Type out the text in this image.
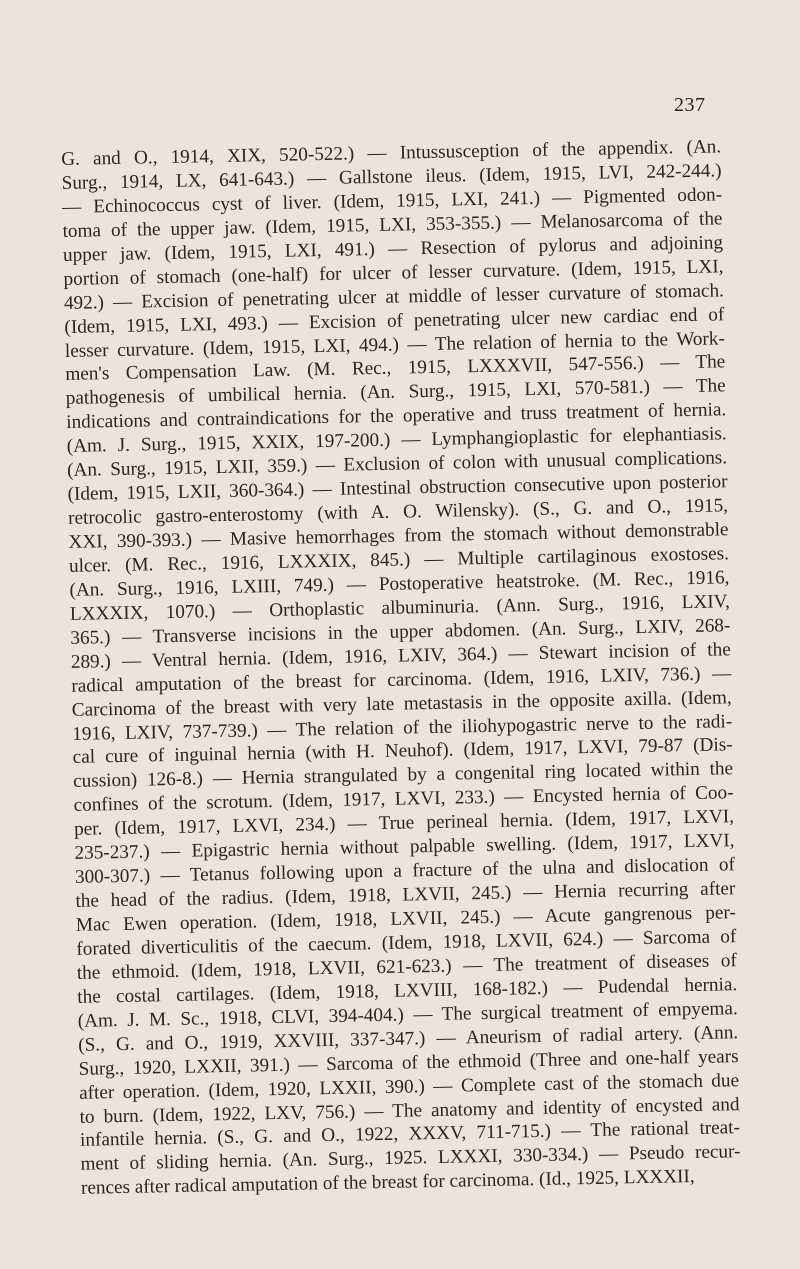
237
G. and O., 1914, XIX, 520-522.) — Intussusception of the appendix. (An.
Surg., 1914, LX, 641-643.) — Gallstone ileus. (Idem, 1915, LVI, 242-244.)
— Echinococcus cyst of liver. (Idem, 1915, LXI, 241.) — Pigmented odon-
toma of the upper jaw. (Idem, 1915, LXI, 353-355.) — Melanosarcoma of the
upper jaw. (Idem, 1915, LXI, 491.) — Resection of pylorus and adjoining
portion of stomach (one-half) for ulcer of lesser curvature. (Idem, 1915, LXI,
492.) — Excision of penetrating ulcer at middle of lesser curvature of stomach.
(Idem, 1915, LXI, 493.) — Excision of penetrating ulcer new cardiac end of
lesser curvature. (Idem, 1915, LXI, 494.) — The relation of hernia to the Work-
men's Compensation Law. (M. Rec., 1915, LXXXVII, 547-556.) — The
pathogenesis of umbilical hernia. (An. Surg., 1915, LXI, 570-581.) — The
indications and contraindications for the operative and truss treatment of hernia.
(Am. J. Surg., 1915, XXIX, 197-200.) — Lymphangioplastic for elephantiasis.
(An. Surg., 1915, LXII, 359.) — Exclusion of colon with unusual complications.
(Idem, 1915, LXII, 360-364.) — Intestinal obstruction consecutive upon posterior
retrocolic gastro-enterostomy (with A. O. Wilensky). (S., G. and O., 1915,
XXI, 390-393.) — Masive hemorrhages from the stomach without demonstrable
ulcer. (M. Rec., 1916, LXXXIX, 845.) — Multiple cartilaginous exostoses.
(An. Surg., 1916, LXIII, 749.) — Postoperative heatstroke. (M. Rec., 1916,
LXXXIX, 1070.) — Orthoplastic albuminuria. (Ann. Surg., 1916, LXIV,
365.) — Transverse incisions in the upper abdomen. (An. Surg., LXIV, 268-
289.) — Ventral hernia. (Idem, 1916, LXIV, 364.) — Stewart incision of the
radical amputation of the breast for carcinoma. (Idem, 1916, LXIV, 736.) —
Carcinoma of the breast with very late metastasis in the opposite axilla. (Idem,
1916, LXIV, 737-739.) — The relation of the iliohypogastric nerve to the radi-
cal cure of inguinal hernia (with H. Neuhof). (Idem, 1917, LXVI, 79-87 (Dis-
cussion) 126-8.) — Hernia strangulated by a congenital ring located within the
confines of the scrotum. (Idem, 1917, LXVI, 233.) — Encysted hernia of Coo-
per. (Idem, 1917, LXVI, 234.) — True perineal hernia. (Idem, 1917, LXVI,
235-237.) — Epigastric hernia without palpable swelling. (Idem, 1917, LXVI,
300-307.) — Tetanus following upon a fracture of the ulna and dislocation of
the head of the radius. (Idem, 1918, LXVII, 245.) — Hernia recurring after
Mac Ewen operation. (Idem, 1918, LXVII, 245.) — Acute gangrenous per-
forated diverticulitis of the caecum. (Idem, 1918, LXVII, 624.) — Sarcoma of
the ethmoid. (Idem, 1918, LXVII, 621-623.) — The treatment of diseases of
the costal cartilages. (Idem, 1918, LXVIII, 168-182.) — Pudendal hernia.
(Am. J. M. Sc., 1918, CLVI, 394-404.) — The surgical treatment of empyema.
(S., G. and O., 1919, XXVIII, 337-347.) — Aneurism of radial artery. (Ann.
Surg., 1920, LXXII, 391.) — Sarcoma of the ethmoid (Three and one-half years
after operation. (Idem, 1920, LXXII, 390.) — Complete cast of the stomach due
to burn. (Idem, 1922, LXV, 756.) — The anatomy and identity of encysted and
infantile hernia. (S., G. and O., 1922, XXXV, 711-715.) — The rational treat-
ment of sliding hernia. (An. Surg., 1925. LXXXI, 330-334.) — Pseudo recur-
rences after radical amputation of the breast for carcinoma. (Id., 1925, LXXXII,
